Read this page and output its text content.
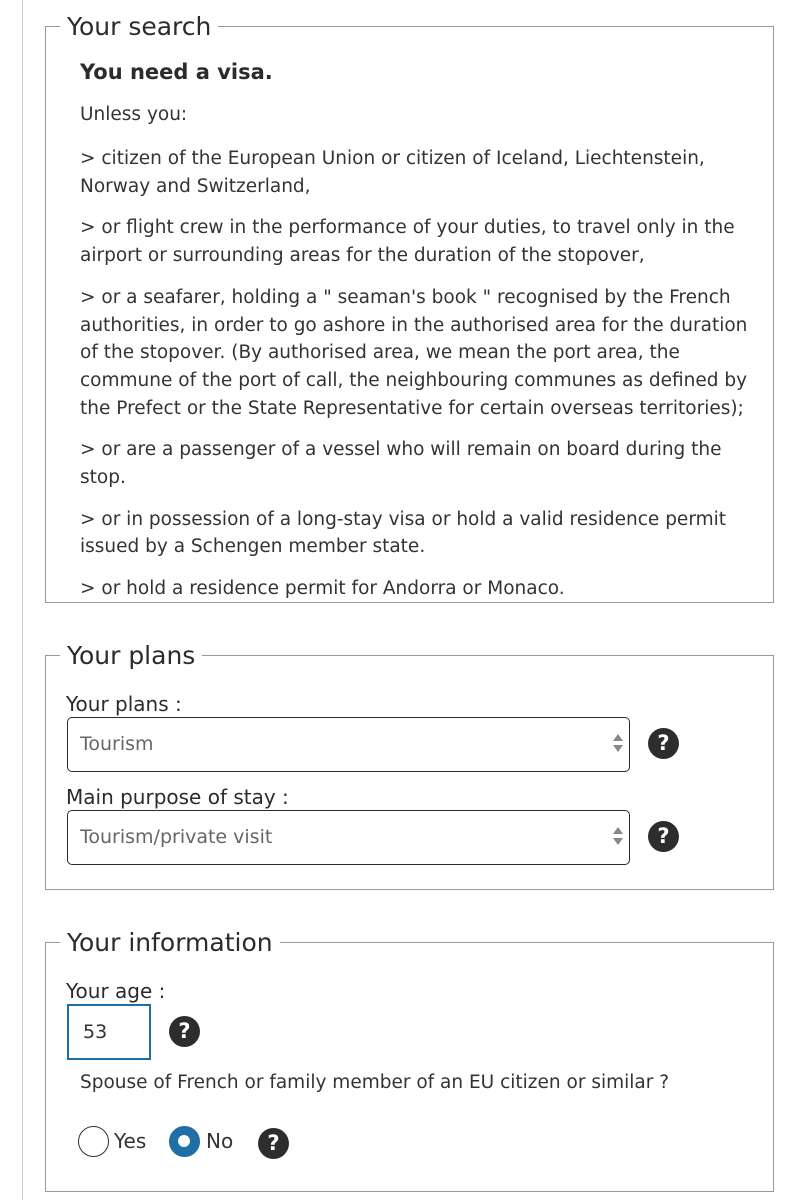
Your search
You need a visa.

Unless you:

> citizen of the European Union or citizen of Iceland, Liechtenstein, Norway and Switzerland,
> or flight crew in the performance of your duties, to travel only in the airport or surrounding areas for the duration of the stopover,
> or a seafarer, holding a " seaman's book " recognised by the French authorities, in order to go ashore in the authorised area for the duration of the stopover. (By authorised area, we mean the port area, the commune of the port of call, the neighbouring communes as defined by the Prefect or the State Representative for certain overseas territories);
> or are a passenger of a vessel who will remain on board during the stop.
> or in possession of a long-stay visa or hold a valid residence permit issued by a Schengen member state.
> or hold a residence permit for Andorra or Monaco.
Your plans
Your plans :
Tourism	?
Main purpose of stay :
Tourism/private visit	?
Your information
Your age :
53	?

Spouse of French or family member of an EU citizen or similar ?

Yes	No	?
